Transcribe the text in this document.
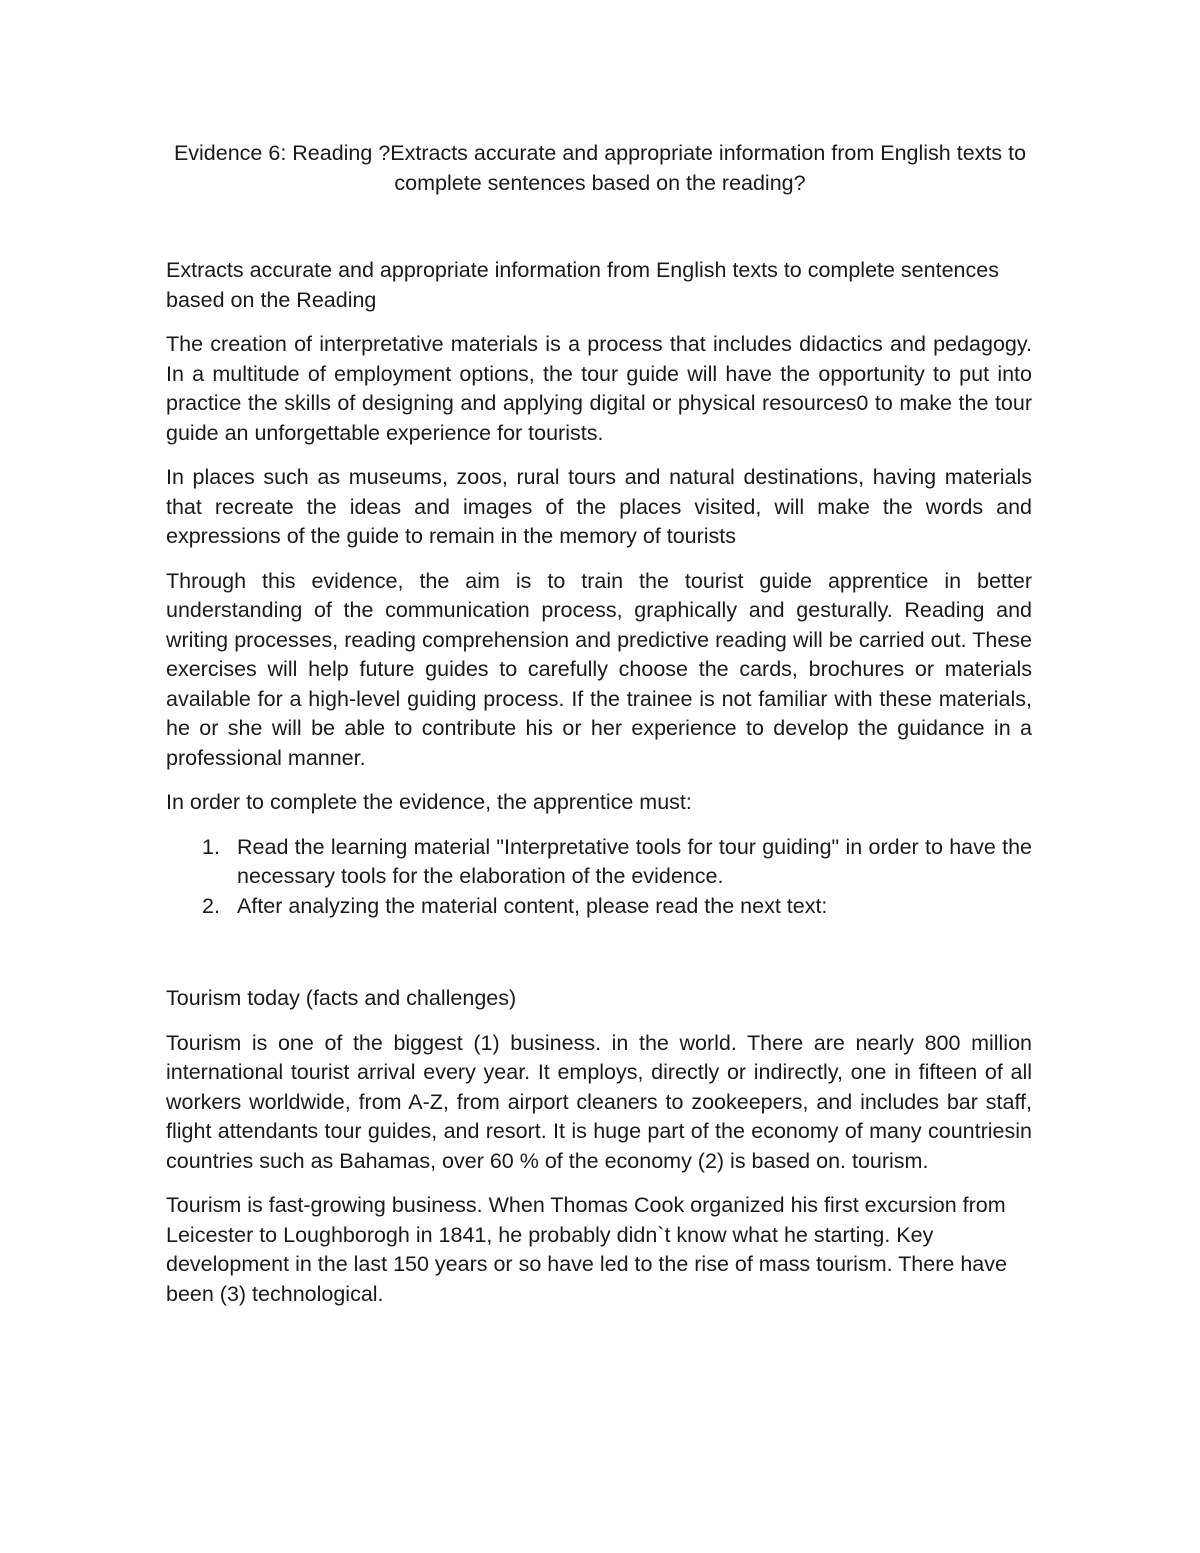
Evidence 6: Reading ?Extracts accurate and appropriate information from English texts to complete sentences based on the reading?

Extracts accurate and appropriate information from English texts to complete sentences based on the Reading

The creation of interpretative materials is a process that includes didactics and pedagogy. In a multitude of employment options, the tour guide will have the opportunity to put into practice the skills of designing and applying digital or physical resources0 to make the tour guide an unforgettable experience for tourists.

In places such as museums, zoos, rural tours and natural destinations, having materials that recreate the ideas and images of the places visited, will make the words and expressions of the guide to remain in the memory of tourists

Through this evidence, the aim is to train the tourist guide apprentice in better understanding of the communication process, graphically and gesturally. Reading and writing processes, reading comprehension and predictive reading will be carried out. These exercises will help future guides to carefully choose the cards, brochures or materials available for a high-level guiding process. If the trainee is not familiar with these materials, he or she will be able to contribute his or her experience to develop the guidance in a professional manner.

In order to complete the evidence, the apprentice must:

1. Read the learning material "Interpretative tools for tour guiding" in order to have the necessary tools for the elaboration of the evidence.
2. After analyzing the material content, please read the next text:

Tourism today (facts and challenges)

Tourism is one of the biggest (1) business. in the world. There are nearly 800 million international tourist arrival every year. It employs, directly or indirectly, one in fifteen of all workers worldwide, from A-Z, from airport cleaners to zookeepers, and includes bar staff, flight attendants tour guides, and resort. It is huge part of the economy of many countriesin countries such as Bahamas, over 60 % of the economy (2) is based on. tourism.

Tourism is fast-growing business. When Thomas Cook organized his first excursion from Leicester to Loughborogh in 1841, he probably didn`t know what he starting. Key development in the last 150 years or so have led to the rise of mass tourism. There have been (3) technological.
